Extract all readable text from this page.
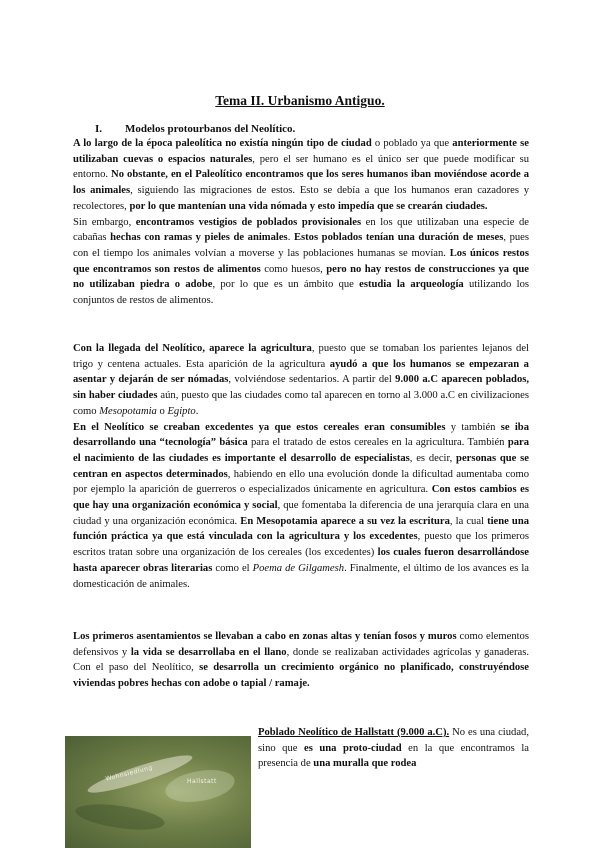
Tema II. Urbanismo Antiguo.
I. Modelos protourbanos del Neolítico.

A lo largo de la época paleolítica no existía ningún tipo de ciudad o poblado ya que anteriormente se utilizaban cuevas o espacios naturales, pero el ser humano es el único ser que puede modificar su entorno. No obstante, en el Paleolítico encontramos que los seres humanos iban moviéndose acorde a los animales, siguiendo las migraciones de estos. Esto se debía a que los humanos eran cazadores y recolectores, por lo que mantenían una vida nómada y esto impedía que se crearán ciudades.
Sin embargo, encontramos vestigios de poblados provisionales en los que utilizaban una especie de cabañas hechas con ramas y pieles de animales. Estos poblados tenían una duración de meses, pues con el tiempo los animales volvían a moverse y las poblaciones humanas se movían. Los únicos restos que encontramos son restos de alimentos como huesos, pero no hay restos de construcciones ya que no utilizaban piedra o adobe, por lo que es un ámbito que estudia la arqueología utilizando los conjuntos de restos de alimentos.

Con la llegada del Neolítico, aparece la agricultura, puesto que se tomaban los parientes lejanos del trigo y centena actuales. Esta aparición de la agricultura ayudó a que los humanos se empezaran a asentar y dejarán de ser nómadas, volviéndose sedentarios. A partir del 9.000 a.C aparecen poblados, sin haber ciudades aún, puesto que las ciudades como tal aparecen en torno al 3.000 a.C en civilizaciones como Mesopotamia o Egipto.
En el Neolítico se creaban excedentes ya que estos cereales eran consumibles y también se iba desarrollando una “tecnología” básica para el tratado de estos cereales en la agricultura. También para el nacimiento de las ciudades es importante el desarrollo de especialistas, es decir, personas que se centran en aspectos determinados, habiendo en ello una evolución donde la dificultad aumentaba como por ejemplo la aparición de guerreros o especializados únicamente en agricultura. Con estos cambios es que hay una organización económica y social, que fomentaba la diferencia de una jerarquía clara en una ciudad y una organización económica. En Mesopotamia aparece a su vez la escritura, la cual tiene una función práctica ya que está vinculada con la agricultura y los excedentes, puesto que los primeros escritos tratan sobre una organización de los cereales (los excedentes) los cuales fueron desarrollándose hasta aparecer obras literarias como el Poema de Gilgamesh. Finalmente, el último de los avances es la domesticación de animales.

Los primeros asentamientos se llevaban a cabo en zonas altas y tenían fosos y muros como elementos defensivos y la vida se desarrollaba en el llano, donde se realizaban actividades agrícolas y ganaderas. Con el paso del Neolítico, se desarrolla un crecimiento orgánico no planificado, construyéndose viviendas pobres hechas con adobe o tapial / ramaje.

Wohnsiedlung	Hallstatt

Poblado Neolítico de Hallstatt (9.000 a.C). No es una ciudad, sino que es una proto-ciudad en la que encontramos la presencia de una muralla que rodea
